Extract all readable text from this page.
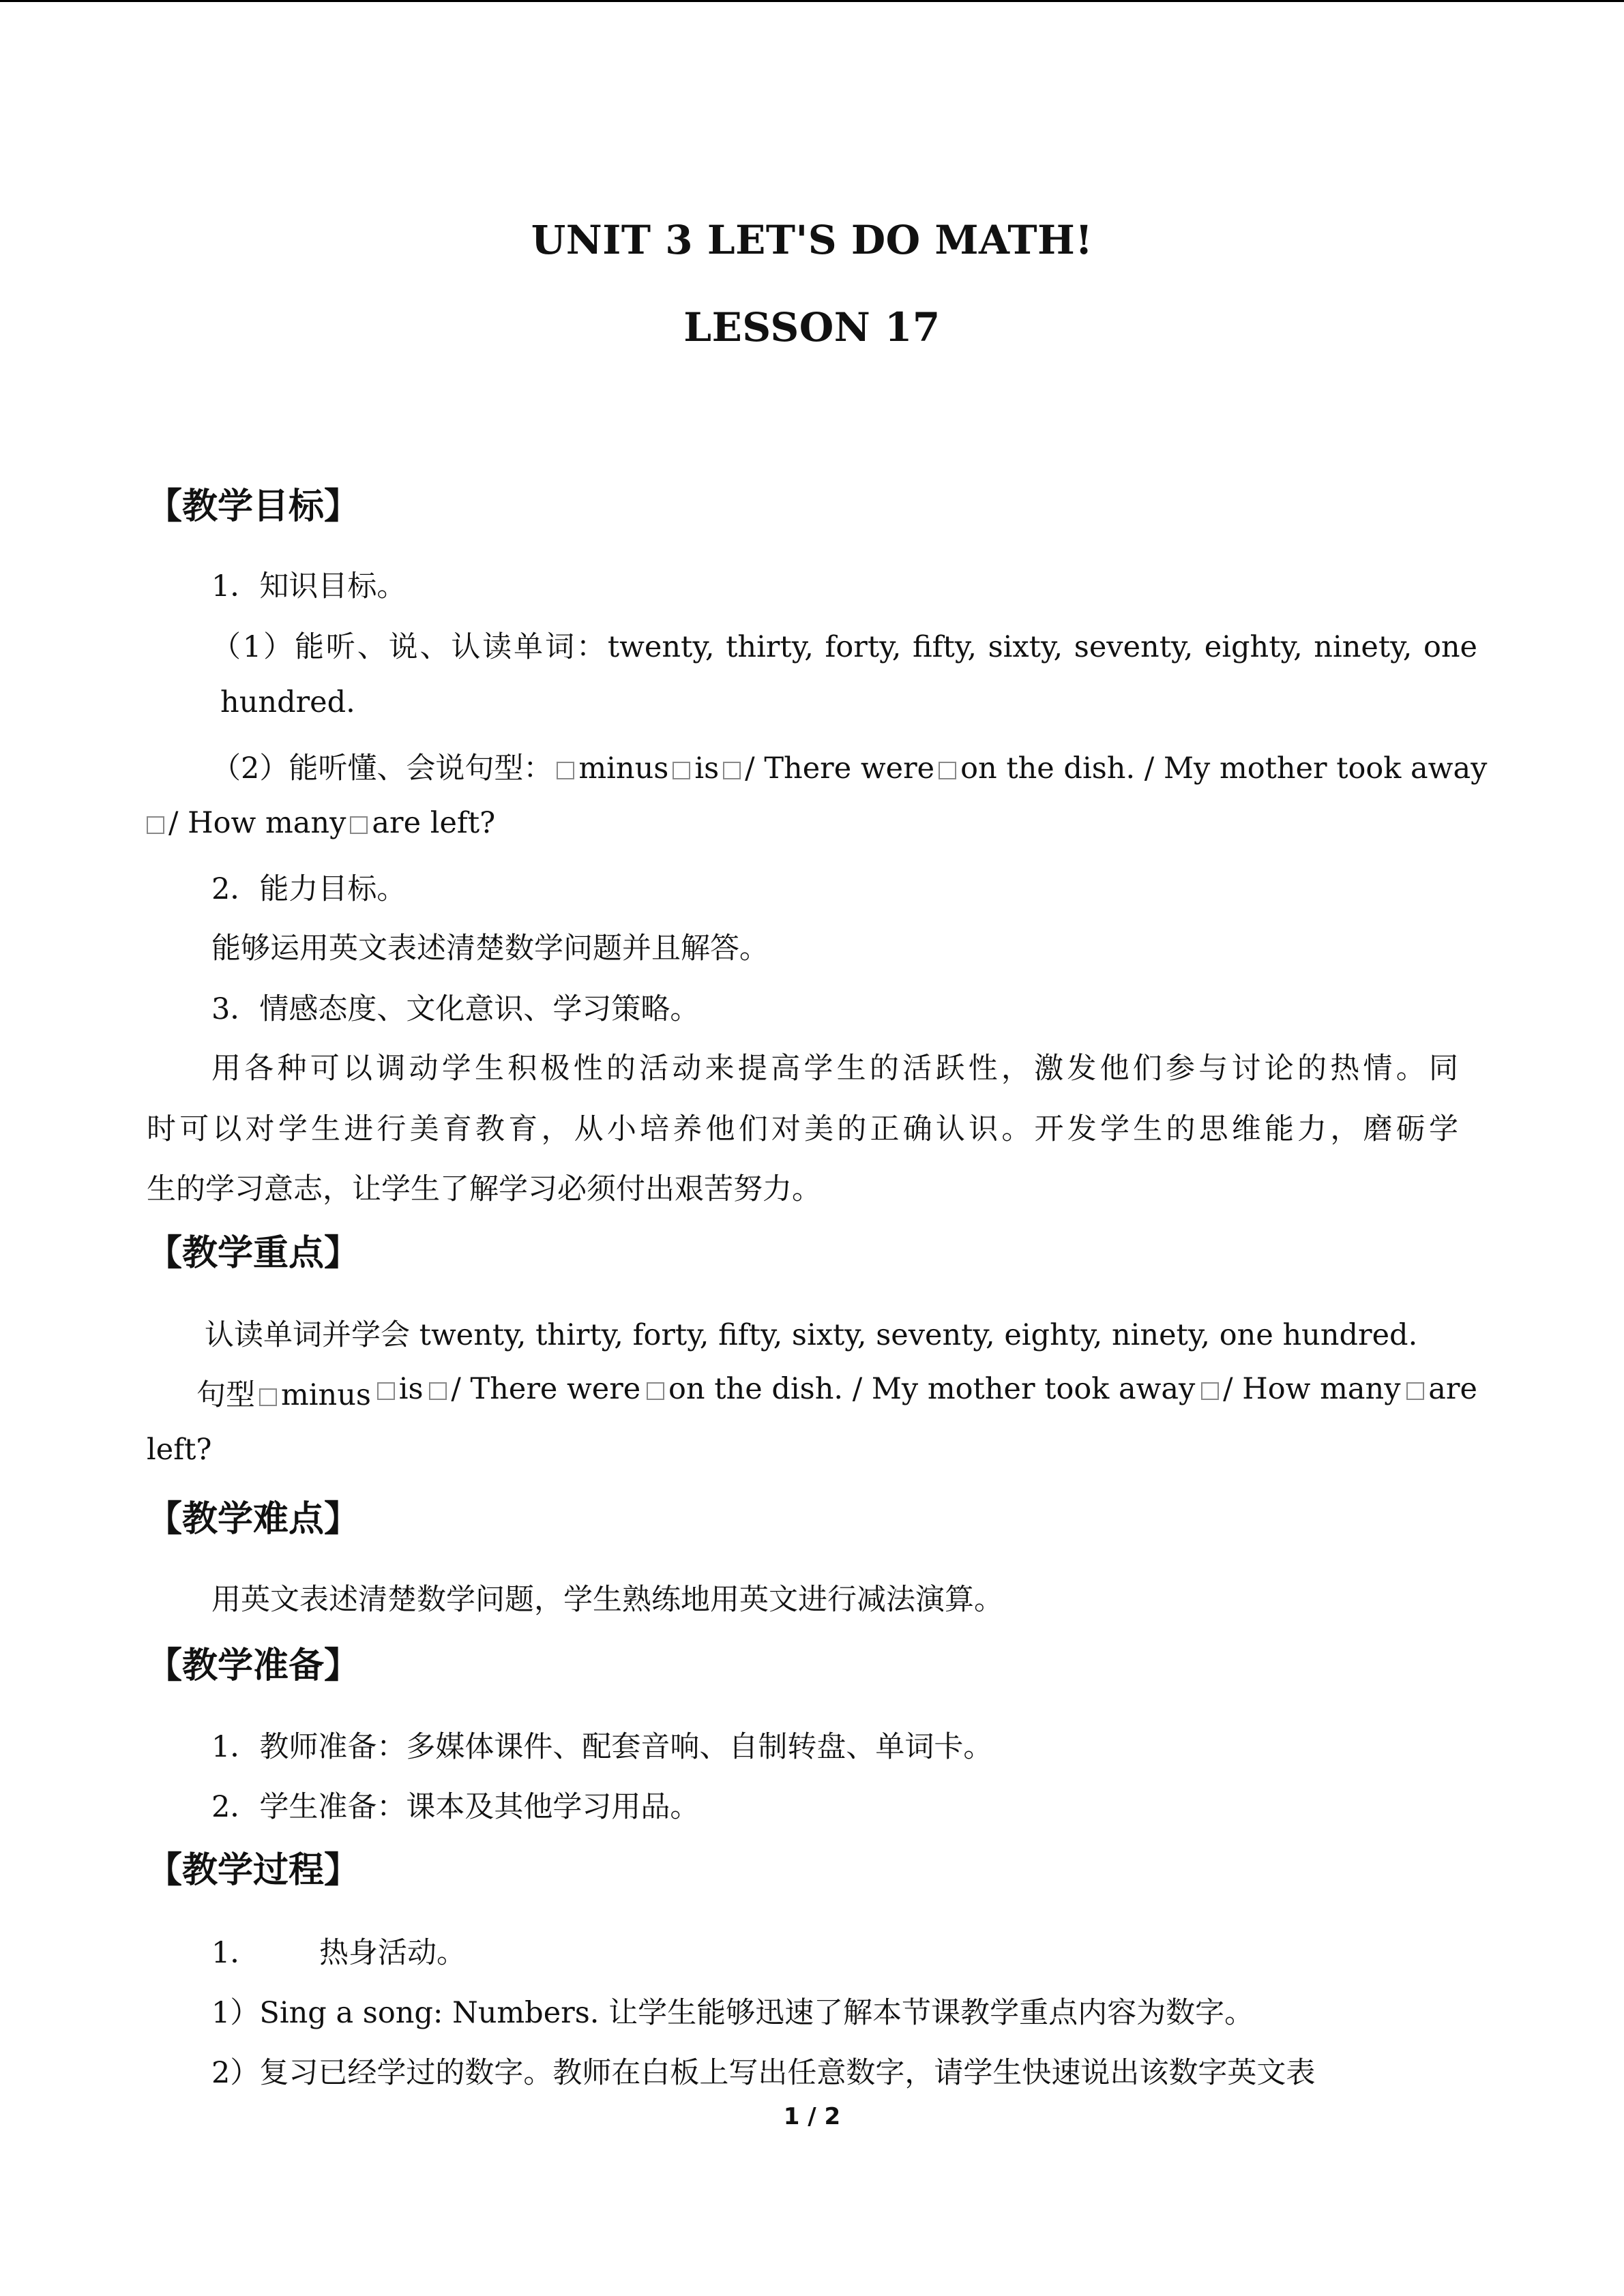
UNIT 3 LET'S DO MATH!
LESSON 17
【教学目标】
1．知识目标。
（1）能听、说、认读单词：twenty, thirty, forty, fifty, sixty, seventy, eighty, ninety, one
hundred.
（2）能听懂、会说句型： minus is / There were on the dish. / My mother took away
/ How many are left?
2．能力目标。
能够运用英文表述清楚数学问题并且解答。
3．情感态度、文化意识、学习策略。
用各种可以调动学生积极性的活动来提高学生的活跃性，激发他们参与讨论的热情。同
时可以对学生进行美育教育，从小培养他们对美的正确认识。开发学生的思维能力，磨砺学
生的学习意志，让学生了解学习必须付出艰苦努力。
【教学重点】
认读单词并学会 twenty, thirty, forty, fifty, sixty, seventy, eighty, ninety, one hundred.
句型 minus is / There were on the dish. / My mother took away / How many are
left?
【教学难点】
用英文表述清楚数学问题，学生熟练地用英文进行减法演算。
【教学准备】
1．教师准备：多媒体课件、配套音响、自制转盘、单词卡。
2．学生准备：课本及其他学习用品。
【教学过程】
1． 热身活动。
1）Sing a song: Numbers. 让学生能够迅速了解本节课教学重点内容为数字。
2）复习已经学过的数字。教师在白板上写出任意数字，请学生快速说出该数字英文表
1 / 2
